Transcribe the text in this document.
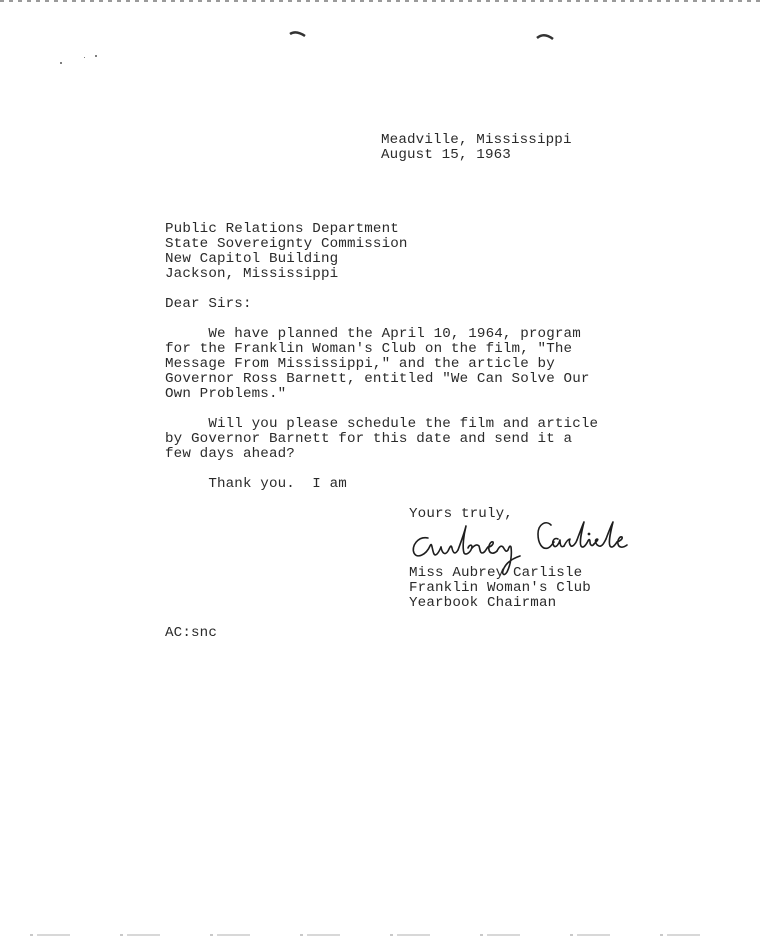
Meadville, Mississippi
August 15, 1963
Public Relations Department
State Sovereignty Commission
New Capitol Building
Jackson, Mississippi
Dear Sirs:
We have planned the April 10, 1964, program
for the Franklin Woman's Club on the film, "The
Message From Mississippi," and the article by
Governor Ross Barnett, entitled "We Can Solve Our
Own Problems."
Will you please schedule the film and article
by Governor Barnett for this date and send it a
few days ahead?
Thank you.  I am
Yours truly,
Miss Aubrey Carlisle
Franklin Woman's Club
Yearbook Chairman
AC:snc
